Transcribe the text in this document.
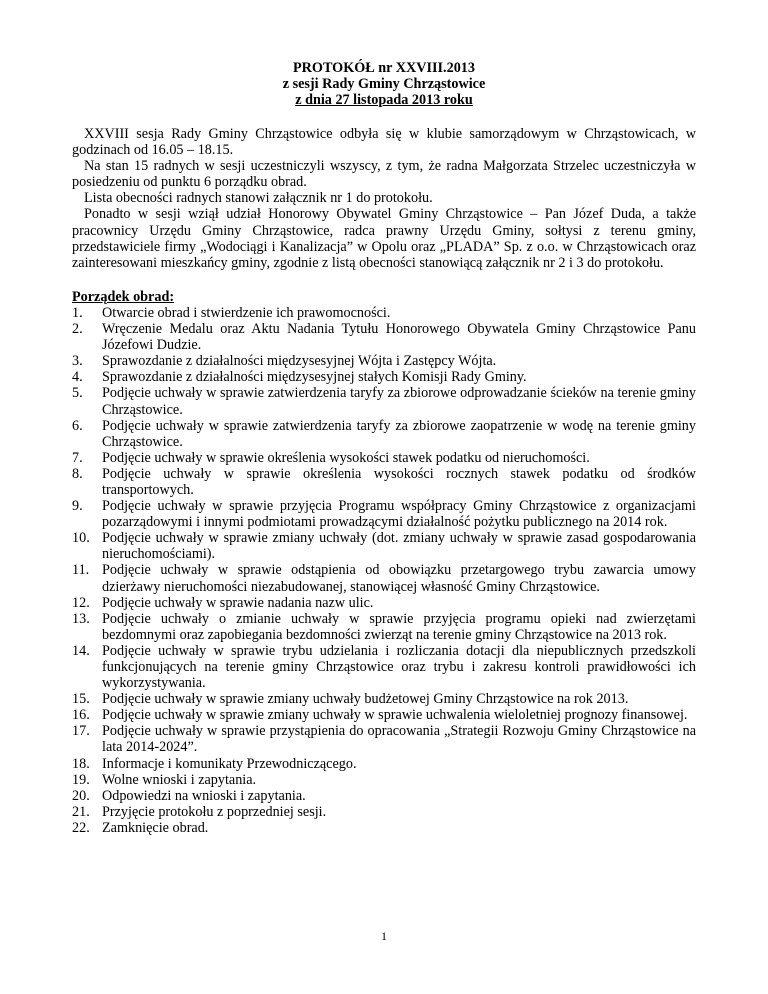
PROTOKÓŁ nr XXVIII.2013
z sesji Rady Gminy Chrząstowice
z dnia 27 listopada 2013 roku
XXVIII sesja Rady Gminy Chrząstowice odbyła się w klubie samorządowym w Chrząstowicach, w godzinach od 16.05 – 18.15.
Na stan 15 radnych w sesji uczestniczyli wszyscy, z tym, że radna Małgorzata Strzelec uczestniczyła w posiedzeniu od punktu 6 porządku obrad.
Lista obecności radnych stanowi załącznik nr 1 do protokołu.
Ponadto w sesji wziął udział Honorowy Obywatel Gminy Chrząstowice – Pan Józef Duda, a także pracownicy Urzędu Gminy Chrząstowice, radca prawny Urzędu Gminy, sołtysi z terenu gminy, przedstawiciele firmy „Wodociągi i Kanalizacja” w Opolu oraz „PLADA” Sp. z o.o. w Chrząstowicach oraz zainteresowani mieszkańcy gminy, zgodnie z listą obecności stanowiącą załącznik nr 2 i 3 do protokołu.
Porządek obrad:
1.	Otwarcie obrad i stwierdzenie ich prawomocności.
2.	Wręczenie Medalu oraz Aktu Nadania Tytułu Honorowego Obywatela Gminy Chrząstowice Panu Józefowi Dudzie.
3.	Sprawozdanie z działalności międzysesyjnej Wójta i Zastępcy Wójta.
4.	Sprawozdanie z działalności międzysesyjnej stałych Komisji Rady Gminy.
5.	Podjęcie uchwały w sprawie zatwierdzenia taryfy za zbiorowe odprowadzanie ścieków na terenie gminy Chrząstowice.
6.	Podjęcie uchwały w sprawie zatwierdzenia taryfy za zbiorowe zaopatrzenie w wodę na terenie gminy Chrząstowice.
7.	Podjęcie uchwały w sprawie określenia wysokości stawek podatku od nieruchomości.
8.	Podjęcie uchwały w sprawie określenia wysokości rocznych stawek podatku od środków transportowych.
9.	Podjęcie uchwały w sprawie przyjęcia Programu współpracy Gminy Chrząstowice z organizacjami pozarządowymi i innymi podmiotami prowadzącymi działalność pożytku publicznego na 2014 rok.
10. Podjęcie uchwały w sprawie zmiany uchwały (dot. zmiany uchwały w sprawie zasad gospodarowania nieruchomościami).
11. Podjęcie uchwały w sprawie odstąpienia od obowiązku przetargowego trybu zawarcia umowy dzierżawy nieruchomości niezabudowanej, stanowiącej własność Gminy Chrząstowice.
12. Podjęcie uchwały w sprawie nadania nazw ulic.
13. Podjęcie uchwały o zmianie uchwały w sprawie przyjęcia programu opieki nad zwierzętami bezdomnymi oraz zapobiegania bezdomności zwierząt na terenie gminy Chrząstowice na 2013 rok.
14. Podjęcie uchwały w sprawie trybu udzielania i rozliczania dotacji dla niepublicznych przedszkoli funkcjonujących na terenie gminy Chrząstowice oraz trybu i zakresu kontroli prawidłowości ich wykorzystywania.
15. Podjęcie uchwały w sprawie zmiany uchwały budżetowej Gminy Chrząstowice na rok 2013.
16. Podjęcie uchwały w sprawie zmiany uchwały w sprawie uchwalenia wieloletniej prognozy finansowej.
17. Podjęcie uchwały w sprawie przystąpienia do opracowania „Strategii Rozwoju Gminy Chrząstowice na lata 2014-2024”.
18. Informacje i komunikaty Przewodniczącego.
19. Wolne wnioski i zapytania.
20. Odpowiedzi na wnioski i zapytania.
21. Przyjęcie protokołu z poprzedniej sesji.
22. Zamknięcie obrad.
1
